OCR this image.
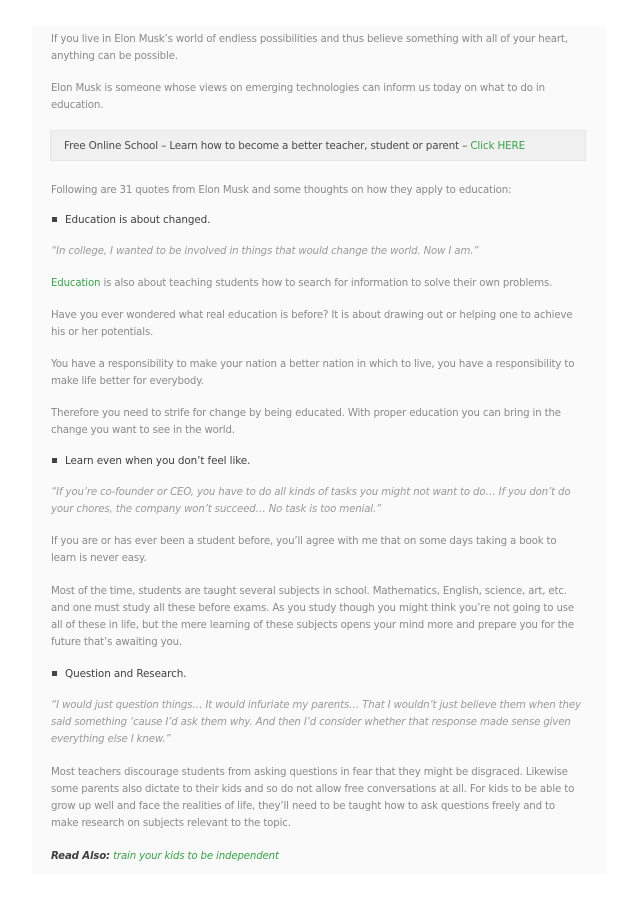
If you live in Elon Musk’s world of endless possibilities and thus believe something with all of your heart, anything can be possible.
Elon Musk is someone whose views on emerging technologies can inform us today on what to do in education.
Free Online School – Learn how to become a better teacher, student or parent – Click HERE
Following are 31 quotes from Elon Musk and some thoughts on how they apply to education:
Education is about changed.
“In college, I wanted to be involved in things that would change the world. Now I am.”
Education is also about teaching students how to search for information to solve their own problems.
Have you ever wondered what real education is before? It is about drawing out or helping one to achieve his or her potentials.
You have a responsibility to make your nation a better nation in which to live, you have a responsibility to make life better for everybody.
Therefore you need to strife for change by being educated. With proper education you can bring in the change you want to see in the world.
Learn even when you don’t feel like.
“If you’re co-founder or CEO, you have to do all kinds of tasks you might not want to do… If you don’t do your chores, the company won’t succeed… No task is too menial.”
If you are or has ever been a student before, you’ll agree with me that on some days taking a book to learn is never easy.
Most of the time, students are taught several subjects in school. Mathematics, English, science, art, etc. and one must study all these before exams. As you study though you might think you’re not going to use all of these in life, but the mere learning of these subjects opens your mind more and prepare you for the future that’s awaiting you.
Question and Research.
“I would just question things… It would infuriate my parents… That I wouldn’t just believe them when they said something ‘cause I’d ask them why. And then I’d consider whether that response made sense given everything else I knew.”
Most teachers discourage students from asking questions in fear that they might be disgraced. Likewise some parents also dictate to their kids and so do not allow free conversations at all. For kids to be able to grow up well and face the realities of life, they’ll need to be taught how to ask questions freely and to make research on subjects relevant to the topic.
Read Also: train your kids to be independent
